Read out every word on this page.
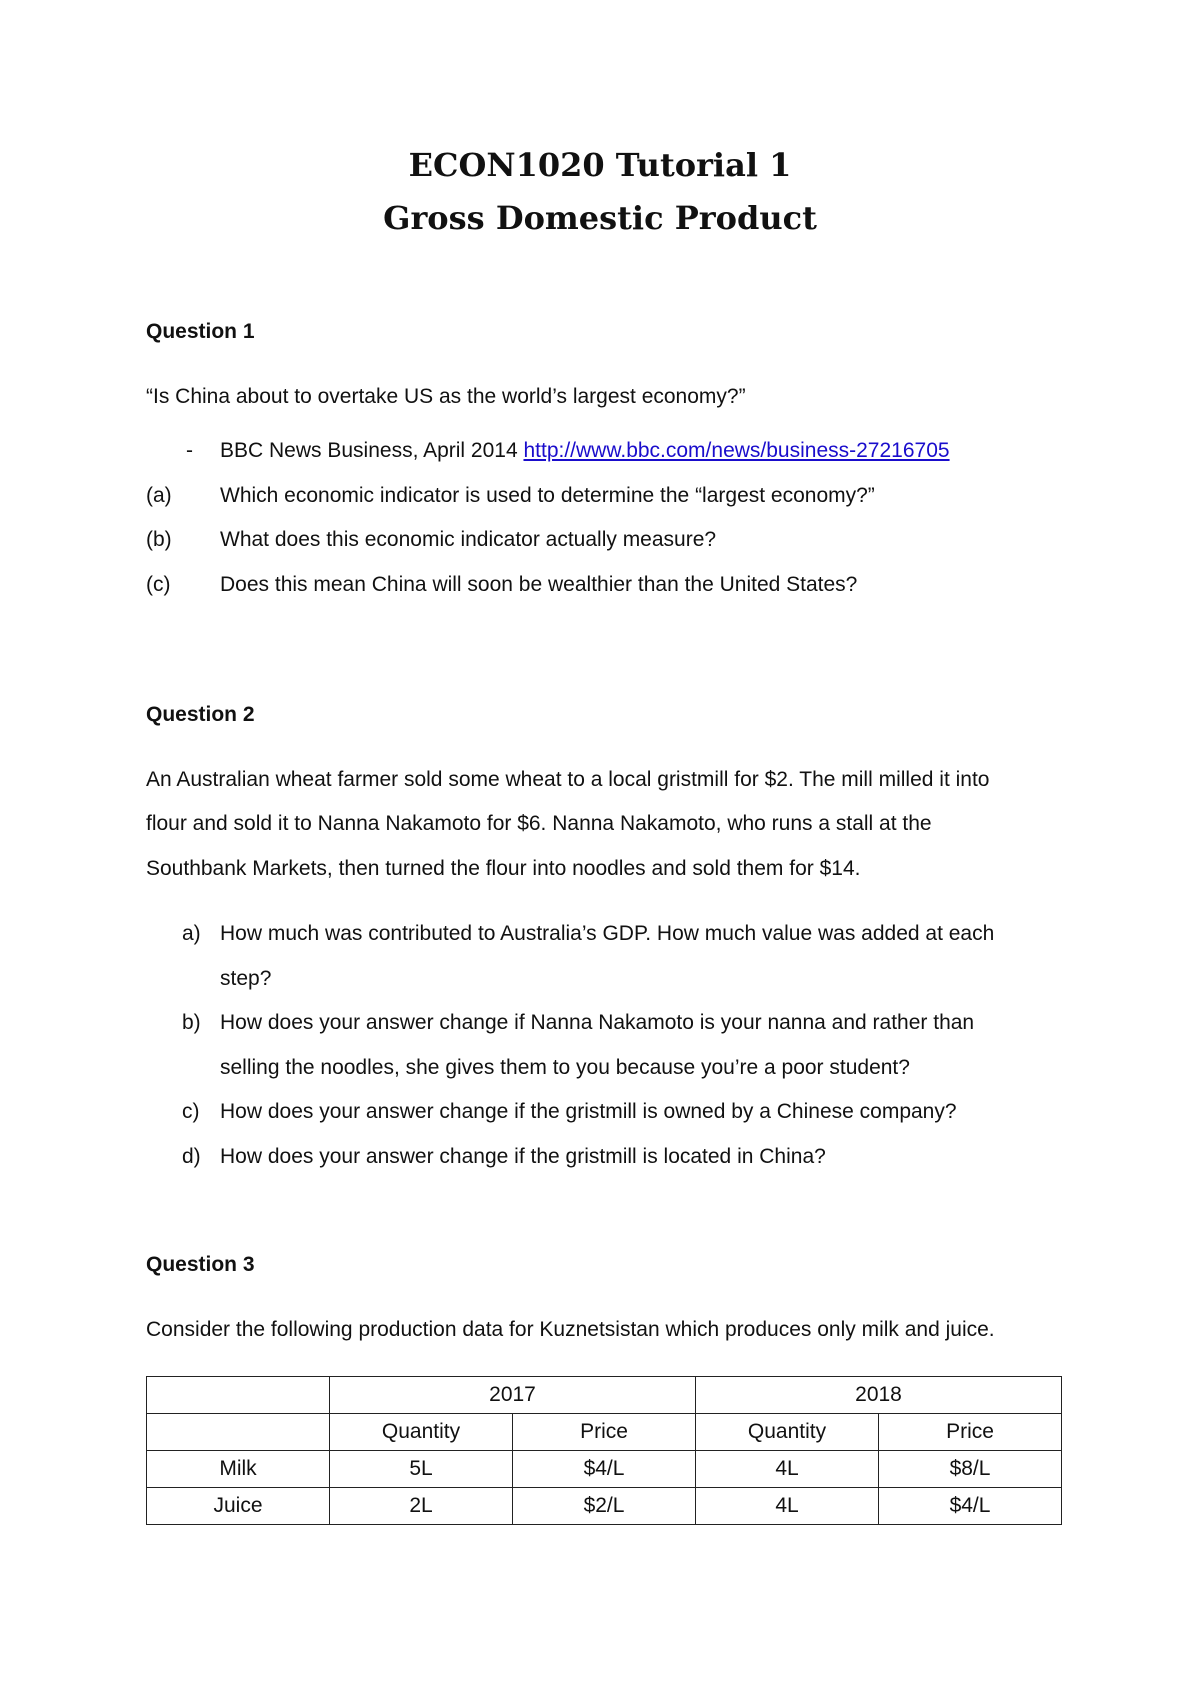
ECON1020 Tutorial 1
Gross Domestic Product
Question 1
“Is China about to overtake US as the world’s largest economy?”
- BBC News Business, April 2014 http://www.bbc.com/news/business-27216705
(a) Which economic indicator is used to determine the “largest economy?”
(b) What does this economic indicator actually measure?
(c) Does this mean China will soon be wealthier than the United States?
Question 2
An Australian wheat farmer sold some wheat to a local gristmill for $2. The mill milled it into
flour and sold it to Nanna Nakamoto for $6. Nanna Nakamoto, who runs a stall at the
Southbank Markets, then turned the flour into noodles and sold them for $14.
a) How much was contributed to Australia’s GDP. How much value was added at each
step?
b) How does your answer change if Nanna Nakamoto is your nanna and rather than
selling the noodles, she gives them to you because you’re a poor student?
c) How does your answer change if the gristmill is owned by a Chinese company?
d) How does your answer change if the gristmill is located in China?
Question 3
Consider the following production data for Kuznetsistan which produces only milk and juice.
	2017		2018	
	Quantity	Price	Quantity	Price
Milk	5L	$4/L	4L	$8/L
Juice	2L	$2/L	4L	$4/L
